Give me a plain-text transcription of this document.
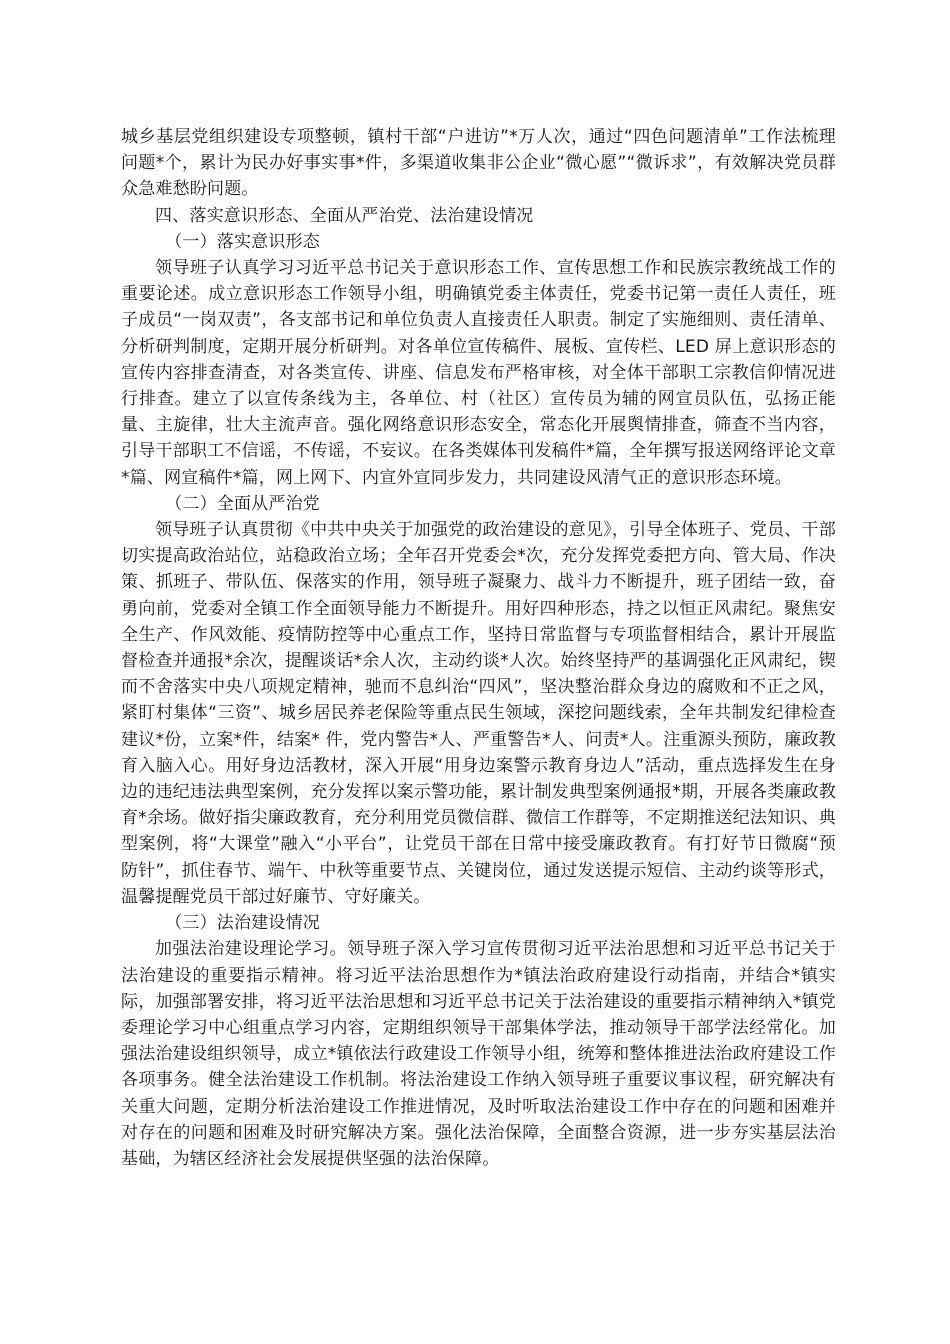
城乡基层党组织建设专项整顿，镇村干部“户进访”*万人次，通过“四色问题清单”工作法梳理问题*个，累计为民办好事实事*件，多渠道收集非公企业“微心愿”“微诉求”，有效解决党员群众急难愁盼问题。

四、落实意识形态、全面从严治党、法治建设情况

（一）落实意识形态

领导班子认真学习习近平总书记关于意识形态工作、宣传思想工作和民族宗教统战工作的重要论述。成立意识形态工作领导小组，明确镇党委主体责任，党委书记第一责任人责任，班子成员“一岗双责”，各支部书记和单位负责人直接责任人职责。制定了实施细则、责任清单、分析研判制度，定期开展分析研判。对各单位宣传稿件、展板、宣传栏、LED 屏上意识形态的宣传内容排查清查，对各类宣传、讲座、信息发布严格审核，对全体干部职工宗教信仰情况进行排查。建立了以宣传条线为主，各单位、村（社区）宣传员为辅的网宣员队伍，弘扬正能量、主旋律，壮大主流声音。强化网络意识形态安全，常态化开展舆情排查，筛查不当内容，引导干部职工不信谣，不传谣，不妄议。在各类媒体刊发稿件*篇，全年撰写报送网络评论文章*篇、网宣稿件*篇，网上网下、内宣外宣同步发力，共同建设风清气正的意识形态环境。

（二）全面从严治党

领导班子认真贯彻《中共中央关于加强党的政治建设的意见》，引导全体班子、党员、干部切实提高政治站位，站稳政治立场；全年召开党委会*次，充分发挥党委把方向、管大局、作决策、抓班子、带队伍、保落实的作用，领导班子凝聚力、战斗力不断提升，班子团结一致，奋勇向前，党委对全镇工作全面领导能力不断提升。用好四种形态，持之以恒正风肃纪。聚焦安全生产、作风效能、疫情防控等中心重点工作，坚持日常监督与专项监督相结合，累计开展监督检查并通报*余次，提醒谈话*余人次，主动约谈*人次。始终坚持严的基调强化正风肃纪，锲而不舍落实中央八项规定精神，驰而不息纠治“四风”，坚决整治群众身边的腐败和不正之风，紧盯村集体“三资”、城乡居民养老保险等重点民生领域，深挖问题线索，全年共制发纪律检查建议*份，立案*件，结案* 件，党内警告*人、严重警告*人、问责*人。注重源头预防，廉政教育入脑入心。用好身边活教材，深入开展“用身边案警示教育身边人”活动，重点选择发生在身边的违纪违法典型案例，充分发挥以案示警功能，累计制发典型案例通报*期，开展各类廉政教育*余场。做好指尖廉政教育，充分利用党员微信群、微信工作群等，不定期推送纪法知识、典型案例，将“大课堂”融入“小平台”，让党员干部在日常中接受廉政教育。有打好节日微腐“预防针”，抓住春节、端午、中秋等重要节点、关键岗位，通过发送提示短信、主动约谈等形式，温馨提醒党员干部过好廉节、守好廉关。

（三）法治建设情况

加强法治建设理论学习。领导班子深入学习宣传贯彻习近平法治思想和习近平总书记关于法治建设的重要指示精神。将习近平法治思想作为*镇法治政府建设行动指南，并结合*镇实际，加强部署安排，将习近平法治思想和习近平总书记关于法治建设的重要指示精神纳入*镇党委理论学习中心组重点学习内容，定期组织领导干部集体学法，推动领导干部学法经常化。加强法治建设组织领导，成立*镇依法行政建设工作领导小组，统筹和整体推进法治政府建设工作各项事务。健全法治建设工作机制。将法治建设工作纳入领导班子重要议事议程，研究解决有关重大问题，定期分析法治建设工作推进情况，及时听取法治建设工作中存在的问题和困难并对存在的问题和困难及时研究解决方案。强化法治保障，全面整合资源，进一步夯实基层法治基础，为辖区经济社会发展提供坚强的法治保障。
